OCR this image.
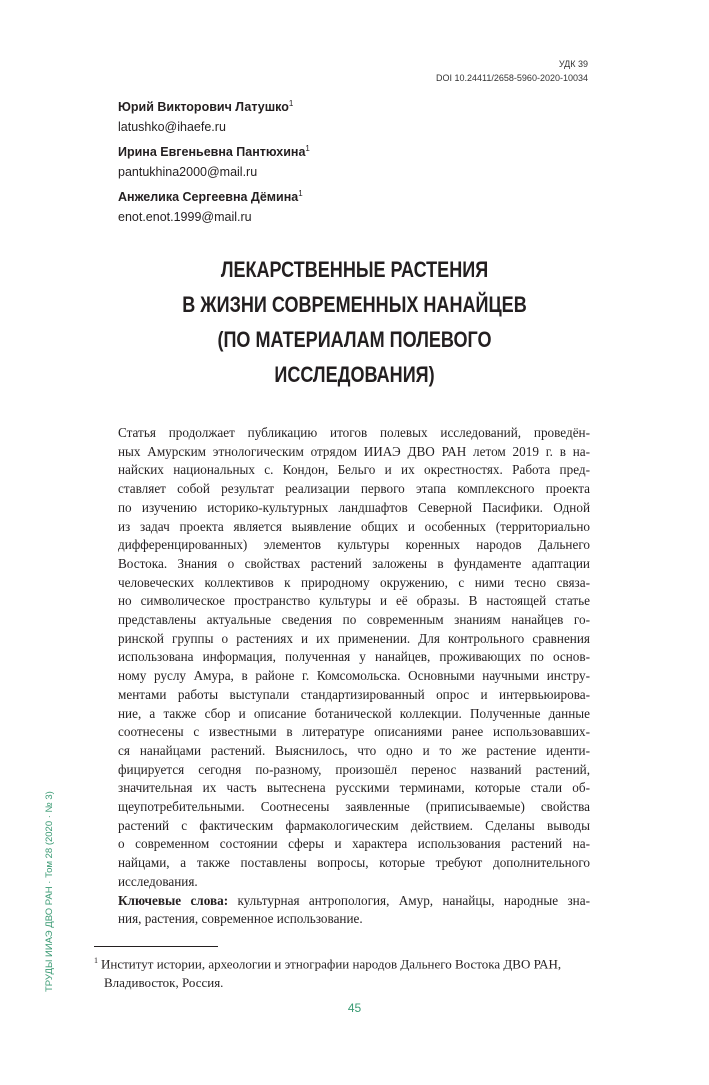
УДК 39
DOI 10.24411/2658-5960-2020-10034
Юрий Викторович Латушко$^1$
latushko@ihaefe.ru
Ирина Евгеньевна Пантюхина$^1$
pantukhina2000@mail.ru
Анжелика Сергеевна Дёмина$^1$
enot.enot.1999@mail.ru
ЛЕКАРСТВЕННЫЕ РАСТЕНИЯ
В ЖИЗНИ СОВРЕМЕННЫХ НАНАЙЦЕВ
(ПО МАТЕРИАЛАМ ПОЛЕВОГО
ИССЛЕДОВАНИЯ)
Статья продолжает публикацию итогов полевых исследований, проведён-
ных Амурским этнологическим отрядом ИИАЭ ДВО РАН летом 2019 г. в на-
найских национальных с. Кондон, Бельго и их окрестностях. Работа пред-
ставляет собой результат реализации первого этапа комплексного проекта
по изучению историко-культурных ландшафтов Северной Пасифики. Одной
из задач проекта является выявление общих и особенных (территориально
дифференцированных) элементов культуры коренных народов Дальнего
Востока. Знания о свойствах растений заложены в фундаменте адаптации
человеческих коллективов к природному окружению, с ними тесно связа-
но символическое пространство культуры и её образы. В настоящей статье
представлены актуальные сведения по современным знаниям нанайцев го-
ринской группы о растениях и их применении. Для контрольного сравнения
использована информация, полученная у нанайцев, проживающих по основ-
ному руслу Амура, в районе г. Комсомольска. Основными научными инстру-
ментами работы выступали стандартизированный опрос и интервьюирова-
ние, а также сбор и описание ботанической коллекции. Полученные данные
соотнесены с известными в литературе описаниями ранее использовавших-
ся нанайцами растений. Выяснилось, что одно и то же растение иденти-
фицируется сегодня по-разному, произошёл перенос названий растений,
значительная их часть вытеснена русскими терминами, которые стали об-
щеупотребительными. Соотнесены заявленные (приписываемые) свойства
растений с фактическим фармакологическим действием. Сделаны выводы
о современном состоянии сферы и характера использования растений на-
найцами, а также поставлены вопросы, которые требуют дополнительного
исследования.
Ключевые слова: культурная антропология, Амур, нанайцы, народные зна-
ния, растения, современное использование.
$^1$ Институт истории, археологии и этнографии народов Дальнего Востока ДВО РАН,
Владивосток, Россия.
ТРУДЫ ИИАЭ ДВО РАН · Том 28 (2020 · № 3)
45
